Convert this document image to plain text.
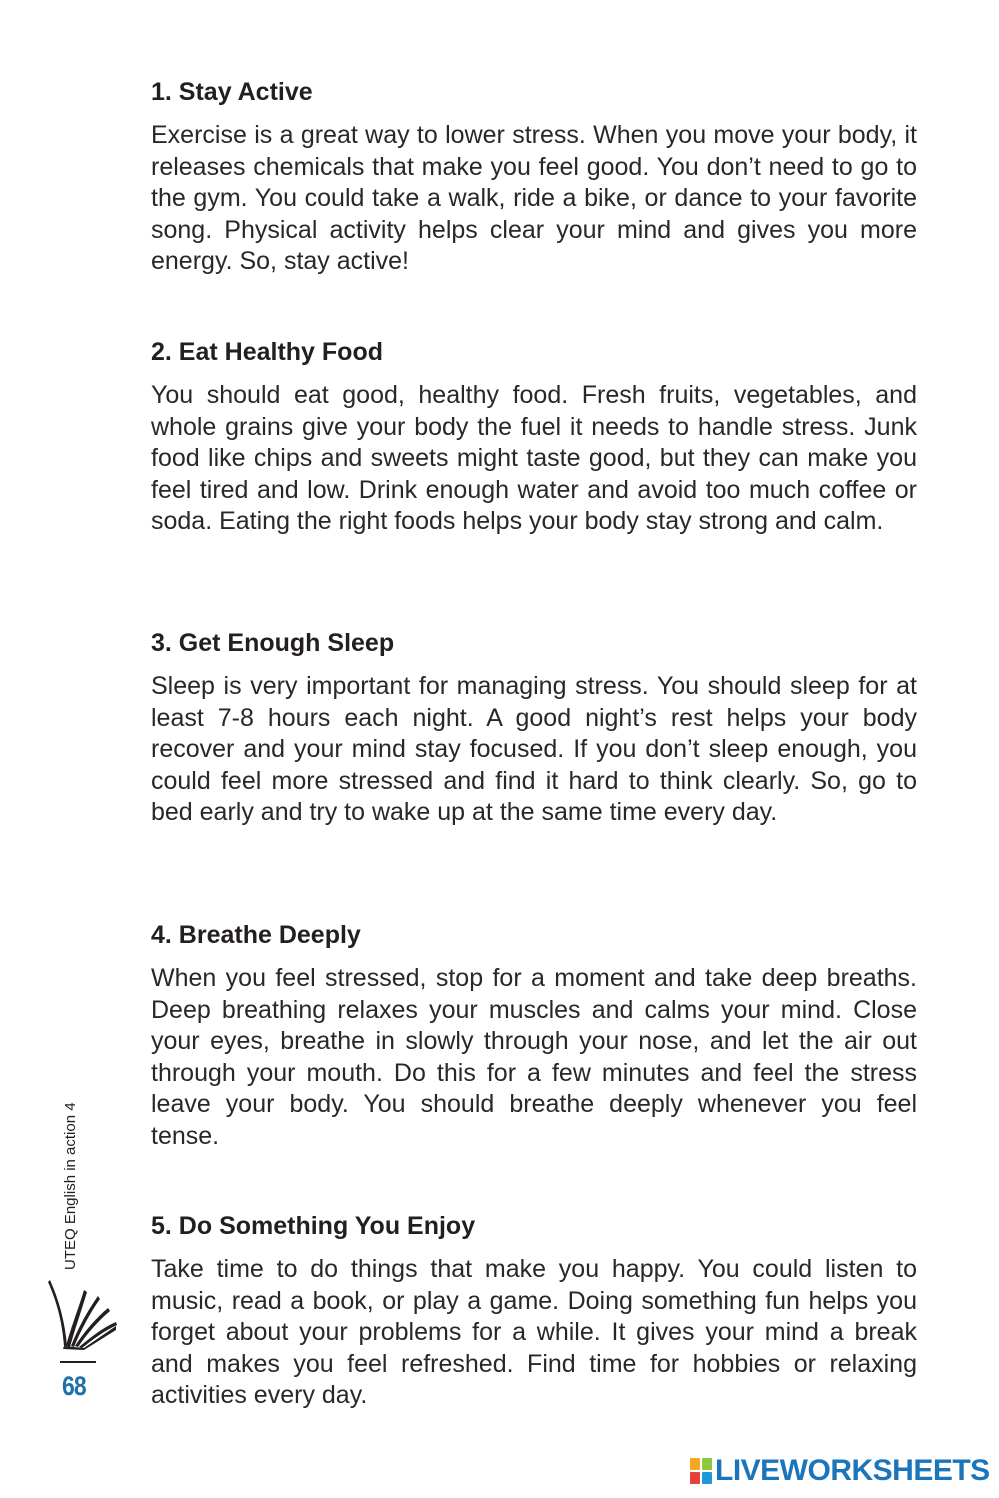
1. Stay Active

Exercise is a great way to lower stress. When you move your body, it releases chemicals that make you feel good. You don’t need to go to the gym. You could take a walk, ride a bike, or dance to your favorite song. Physical activity helps clear your mind and gives you more energy. So, stay active!

2. Eat Healthy Food

You should eat good, healthy food. Fresh fruits, vegetables, and whole grains give your body the fuel it needs to handle stress. Junk food like chips and sweets might taste good, but they can make you feel tired and low. Drink enough water and avoid too much coffee or soda. Eating the right foods helps your body stay strong and calm.

3. Get Enough Sleep

Sleep is very important for managing stress. You should sleep for at least 7-8 hours each night. A good night’s rest helps your body recover and your mind stay focused. If you don’t sleep enough, you could feel more stressed and find it hard to think clearly. So, go to bed early and try to wake up at the same time every day.

4. Breathe Deeply

When you feel stressed, stop for a moment and take deep breaths. Deep breathing relaxes your muscles and calms your mind. Close your eyes, breathe in slowly through your nose, and let the air out through your mouth. Do this for a few minutes and feel the stress leave your body. You should breathe deeply whenever you feel tense.

5. Do Something You Enjoy

Take time to do things that make you happy. You could listen to music, read a book, or play a game. Doing something fun helps you forget about your problems for a while. It gives your mind a break and makes you feel refreshed. Find time for hobbies or relaxing activities every day.

UTEQ English in action 4
68
LIVEWORKSHEETS
